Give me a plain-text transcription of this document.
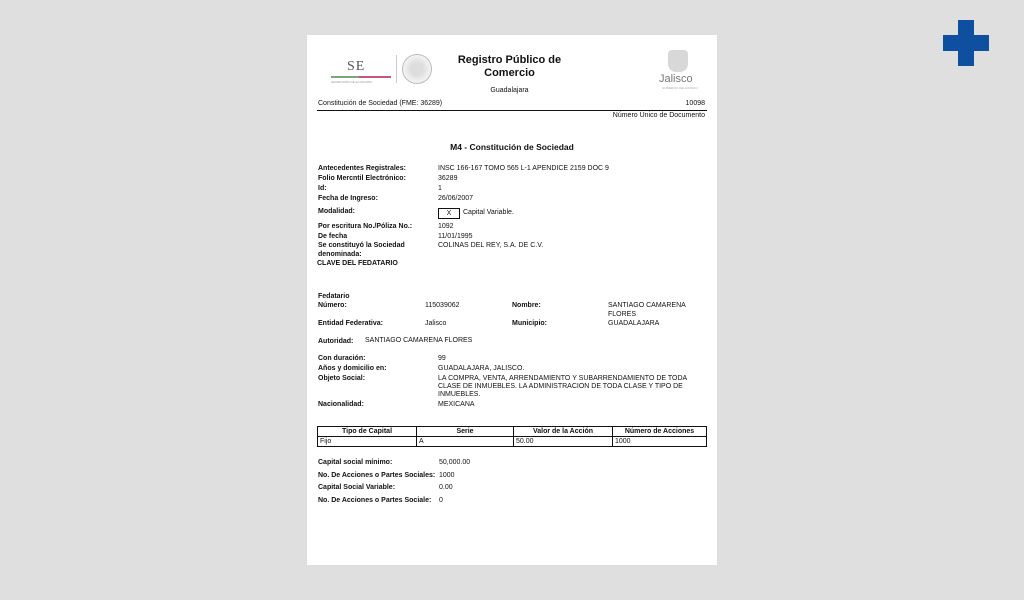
SE
SECRETARÍA DE ECONOMÍA
Registro Público de
Comercio
Guadalajara
Jalisco
GOBIERNO DEL ESTADO
Constitución de Sociedad (FME: 36289)	10098
Número Único de Documento
M4 - Constitución de Sociedad
Antecedentes Registrales:	INSC 166-167 TOMO 565 L-1 APENDICE 2159 DOC 9
Folio Mercntil Electrónico:	36289
Id:	1
Fecha de Ingreso:	26/06/2007
Modalidad:	X	Capital Variable.
Por escritura No./Póliza No.:	1092
De fecha	11/01/1995
Se constituyó la Sociedad
denominada:
COLINAS DEL REY, S.A. DE C.V.
CLAVE DEL FEDATARIO
Fedatario
Número:	115039062	Nombre:	SANTIAGO CAMARENA
FLORES
Entidad Federativa:	Jalisco	Municipio:	GUADALAJARA
Autoridad: SANTIAGO CAMARENA FLORES
Con duración:	99
Años y domicilio en:	GUADALAJARA, JALISCO.
Objeto Social:	LA COMPRA, VENTA, ARRENDAMIENTO Y SUBARRENDAMIENTO DE TODA
CLASE DE INMUEBLES. LA ADMINISTRACION DE TODA CLASE Y TIPO DE
INMUEBLES.
Nacionalidad:	MEXICANA
Tipo de Capital	Serie	Valor de la Acción	Número de Acciones
Fijo	A	50.00	1000
Capital social mínimo:	50,000.00
No. De Acciones o Partes Sociales: 1000
Capital Social Variable:	0.00
No. De Acciones o Partes Sociale: 0
